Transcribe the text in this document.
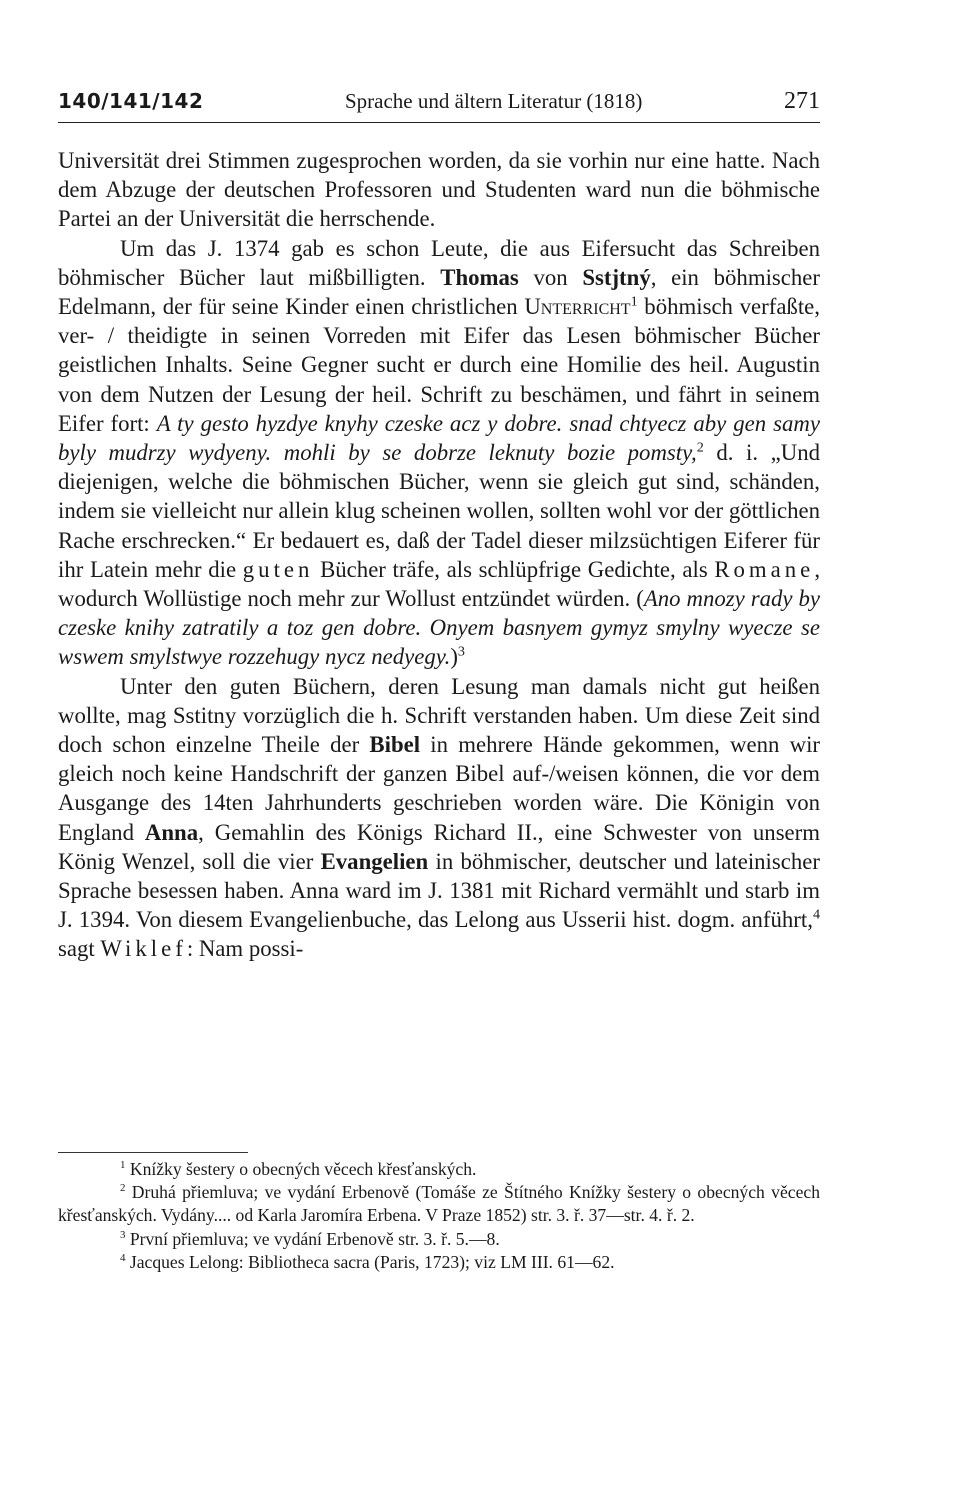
140/141/142	Sprache und ältern Literatur (1818)	271

Universität drei Stimmen zugesprochen worden, da sie vorhin nur eine hatte. Nach dem Abzuge der deutschen Professoren und Studenten ward nun die böhmische Partei an der Universität die herrschende.

Um das J. 1374 gab es schon Leute, die aus Eifersucht das Schreiben böhmischer Bücher laut mißbilligten. Thomas von Sstjtný, ein böhmischer Edelmann, der für seine Kinder einen christlichen Unterricht$^1$ böhmisch verfaßte, ver- / theidigte in seinen Vorreden mit Eifer das Lesen böhmischer Bücher geistlichen Inhalts. Seine Gegner sucht er durch eine Homilie des heil. Augustin von dem Nutzen der Lesung der heil. Schrift zu beschämen, und fährt in seinem Eifer fort: A ty gesto hyzdye knyhy czeske acz y dobre. snad chtyecz aby gen samy byly mudrzy wydyeny. mohli by se dobrze leknuty bozie pomsty,$^2$ d. i. „Und diejenigen, welche die böhmischen Bücher, wenn sie gleich gut sind, schänden, indem sie vielleicht nur allein klug scheinen wollen, sollten wohl vor der göttlichen Rache erschrecken.“ Er bedauert es, daß der Tadel dieser milzsüchtigen Eiferer für ihr Latein mehr die guten Bücher träfe, als schlüpfrige Gedichte, als Romane, wodurch Wollüstige noch mehr zur Wollust entzündet würden. (Ano mnozy rady by czeske knihy zatratily a toz gen dobre. Onyem basnyem gymyz smylny wyecze se wswem smylstwye rozzehugy nycz nedyegy.)$^3$

Unter den guten Büchern, deren Lesung man damals nicht gut heißen wollte, mag Sstitny vorzüglich die h. Schrift verstanden haben. Um diese Zeit sind doch schon einzelne Theile der Bibel in mehrere Hände gekommen, wenn wir gleich noch keine Handschrift der ganzen Bibel auf-/weisen können, die vor dem Ausgange des 14ten Jahrhunderts geschrieben worden wäre. Die Königin von England Anna, Gemahlin des Königs Richard II., eine Schwester von unserm König Wenzel, soll die vier Evangelien in böhmischer, deutscher und lateinischer Sprache besessen haben. Anna ward im J. 1381 mit Richard vermählt und starb im J. 1394. Von diesem Evangelienbuche, das Lelong aus Usserii hist. dogm. anführt,$^4$ sagt Wiklef: Nam possi-

$^1$ Knížky šestery o obecných věcech křesťanských.

$^2$ Druhá přiemluva; ve vydání Erbenově (Tomáše ze Štítného Knížky šestery o obecných věcech křesťanských. Vydány.... od Karla Jaromíra Erbena. V Praze 1852) str. 3. ř. 37—str. 4. ř. 2.

$^3$ První přiemluva; ve vydání Erbenově str. 3. ř. 5.—8.

$^4$ Jacques Lelong: Bibliotheca sacra (Paris, 1723); viz LM III. 61—62.
